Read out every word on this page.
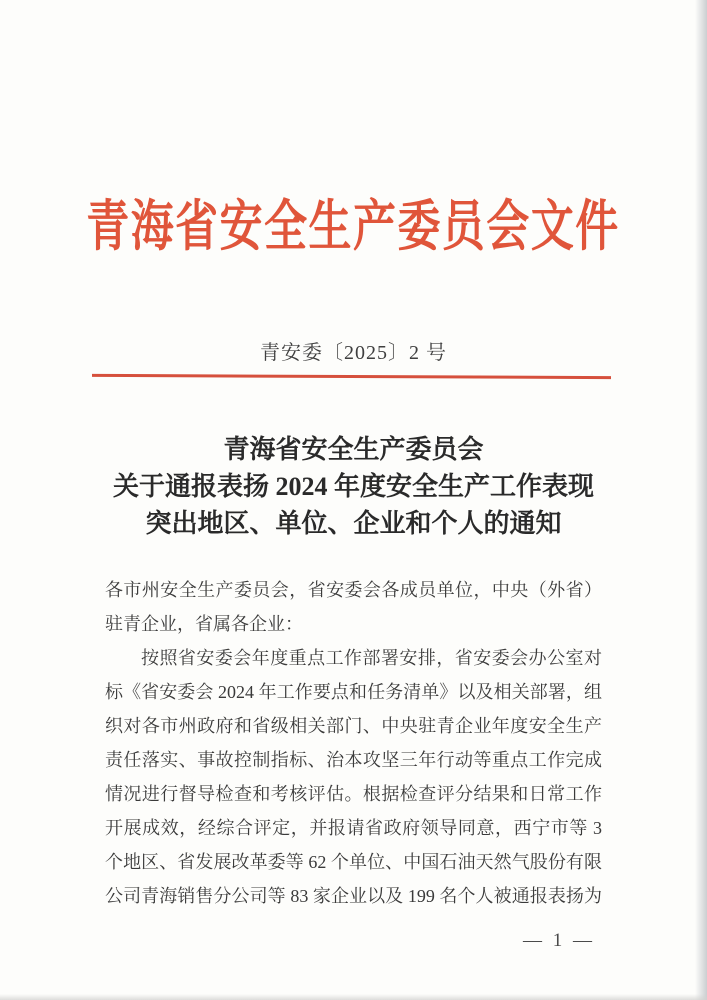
青海省安全生产委员会文件
青安委〔2025〕2 号
青海省安全生产委员会
关于通报表扬 2024 年度安全生产工作表现
突出地区、单位、企业和个人的通知
各市州安全生产委员会，省安委会各成员单位，中央（外省）
驻青企业，省属各企业：
按照省安委会年度重点工作部署安排，省安委会办公室对
标《省安委会 2024 年工作要点和任务清单》以及相关部署，组
织对各市州政府和省级相关部门、中央驻青企业年度安全生产
责任落实、事故控制指标、治本攻坚三年行动等重点工作完成
情况进行督导检查和考核评估。根据检查评分结果和日常工作
开展成效，经综合评定，并报请省政府领导同意，西宁市等 3
个地区、省发展改革委等 62 个单位、中国石油天然气股份有限
公司青海销售分公司等 83 家企业以及 199 名个人被通报表扬为
— 1 —
